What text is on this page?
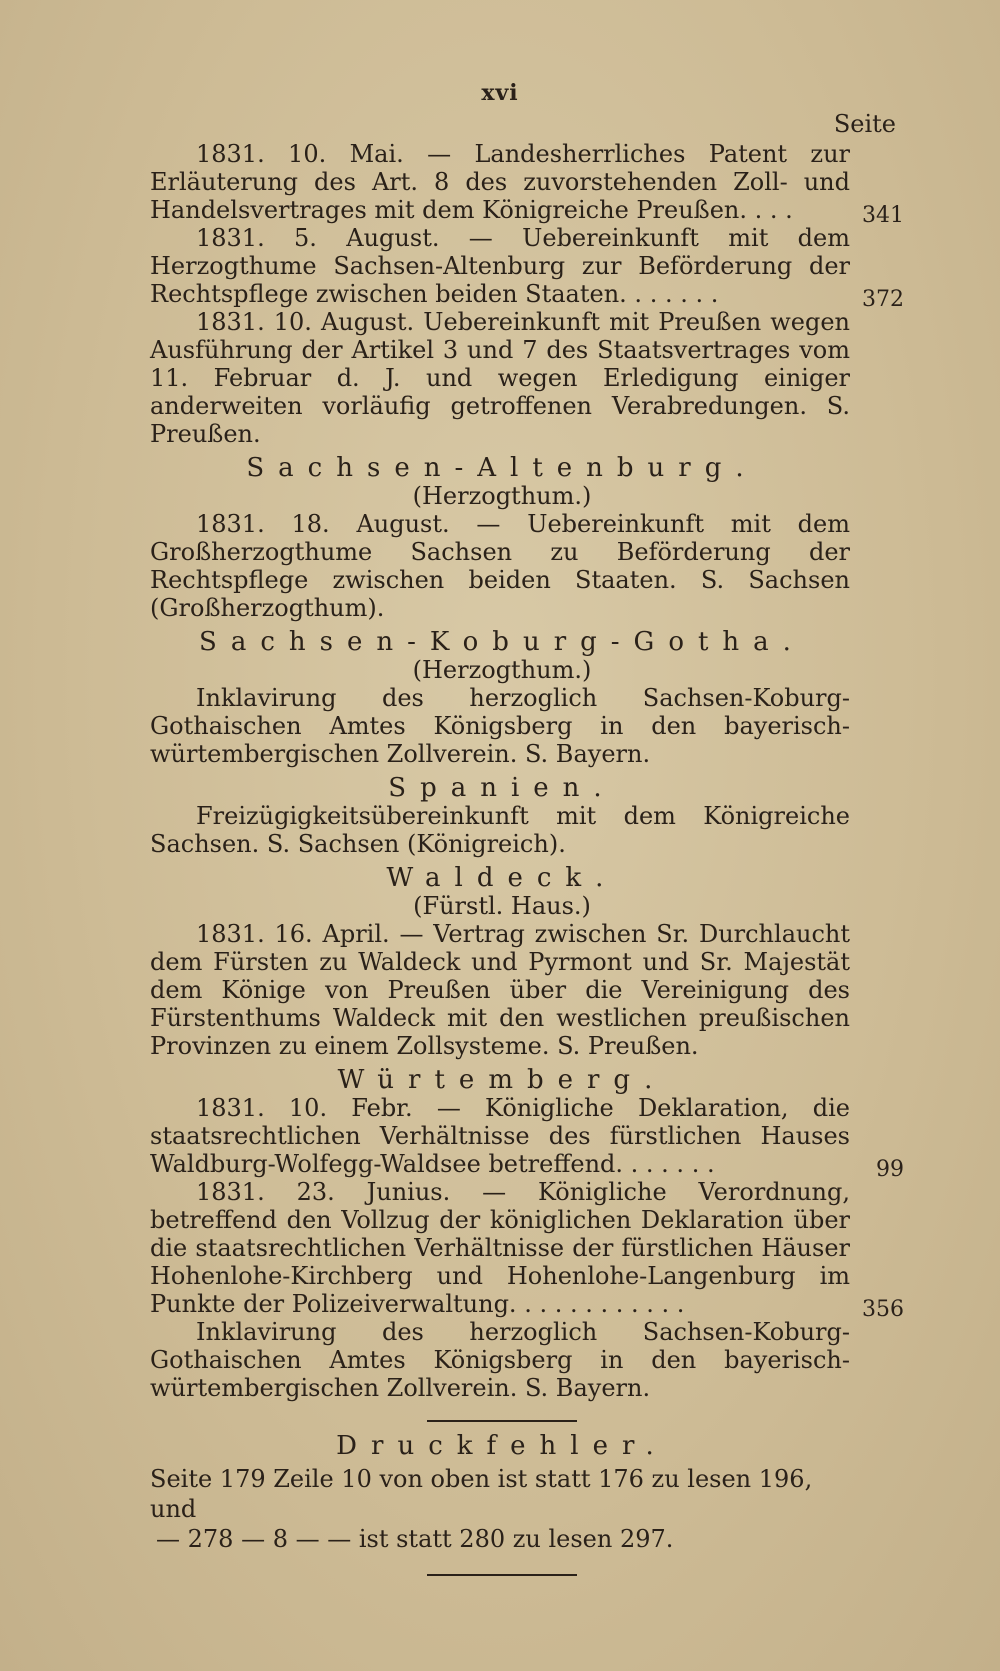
xvi
Seite

1831. 10. Mai. — Landesherrliches Patent zur Erläuterung des Art. 8 des zuvorstehenden Zoll- und Handelsvertrages mit dem Königreiche Preußen. . . .	341

1831. 5. August. — Uebereinkunft mit dem Herzogthume Sachsen-Altenburg zur Beförderung der Rechtspflege zwischen beiden Staaten. . . . . . .	372

1831. 10. August. Uebereinkunft mit Preußen wegen Ausführung der Artikel 3 und 7 des Staatsvertrages vom 11. Februar d. J. und wegen Erledigung einiger anderweiten vorläufig getroffenen Verabredungen. S. Preußen.

Sachsen-Altenburg.

(Herzogthum.)

1831. 18. August. — Uebereinkunft mit dem Großherzogthume Sachsen zu Beförderung der Rechtspflege zwischen beiden Staaten. S. Sachsen (Großherzogthum).

Sachsen-Koburg-Gotha.

(Herzogthum.)

Inklavirung des herzoglich Sachsen-Koburg-Gothaischen Amtes Königsberg in den bayerisch-würtembergischen Zollverein. S. Bayern.

Spanien.

Freizügigkeitsübereinkunft mit dem Königreiche Sachsen. S. Sachsen (Königreich).

Waldeck.

(Fürstl. Haus.)

1831. 16. April. — Vertrag zwischen Sr. Durchlaucht dem Fürsten zu Waldeck und Pyrmont und Sr. Majestät dem Könige von Preußen über die Vereinigung des Fürstenthums Waldeck mit den westlichen preußischen Provinzen zu einem Zollsysteme. S. Preußen.

Würtemberg.

1831. 10. Febr. — Königliche Deklaration, die staatsrechtlichen Verhältnisse des fürstlichen Hauses Waldburg-Wolfegg-Waldsee betreffend. . . . . . .	99

1831. 23. Junius. — Königliche Verordnung, betreffend den Vollzug der königlichen Deklaration über die staatsrechtlichen Verhältnisse der fürstlichen Häuser Hohenlohe-Kirchberg und Hohenlohe-Langenburg im Punkte der Polizeiverwaltung. . . . . . . . . . . .	356

Inklavirung des herzoglich Sachsen-Koburg-Gothaischen Amtes Königsberg in den bayerisch-würtembergischen Zollverein. S. Bayern.

Druckfehler.

Seite 179 Zeile 10 von oben ist statt 176 zu lesen 196, und

— 278 — 8 — — ist statt 280 zu lesen 297.
